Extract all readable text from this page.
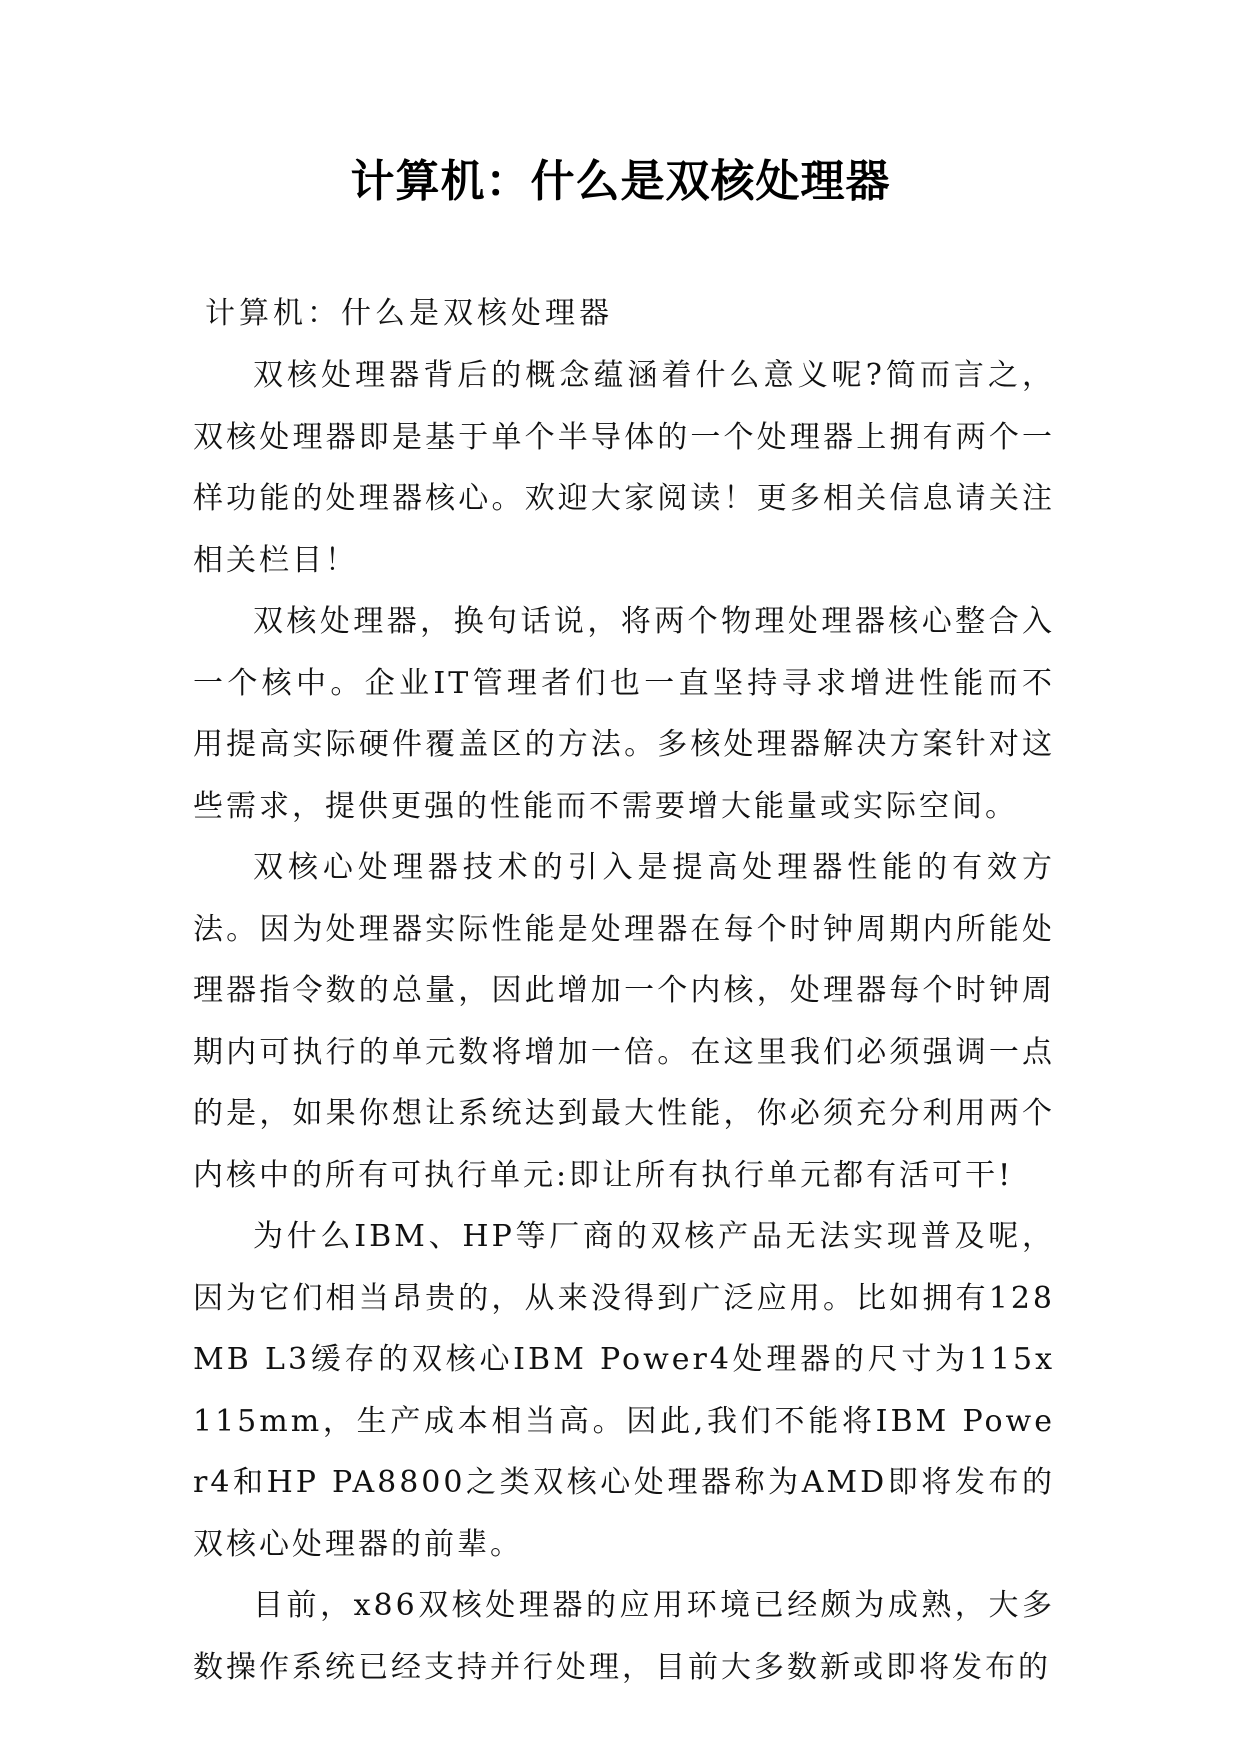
计算机：什么是双核处理器
计算机：什么是双核处理器

双核处理器背后的概念蕴涵着什么意义呢?简而言之，双核处理器即是基于单个半导体的一个处理器上拥有两个一样功能的处理器核心。欢迎大家阅读！更多相关信息请关注相关栏目！

双核处理器，换句话说，将两个物理处理器核心整合入一个核中。企业IT管理者们也一直坚持寻求增进性能而不用提高实际硬件覆盖区的方法。多核处理器解决方案针对这些需求，提供更强的性能而不需要增大能量或实际空间。

双核心处理器技术的引入是提高处理器性能的有效方法。因为处理器实际性能是处理器在每个时钟周期内所能处理器指令数的总量，因此增加一个内核，处理器每个时钟周期内可执行的单元数将增加一倍。在这里我们必须强调一点的是，如果你想让系统达到最大性能，你必须充分利用两个内核中的所有可执行单元:即让所有执行单元都有活可干!

为什么IBM、HP等厂商的双核产品无法实现普及呢，因为它们相当昂贵的，从来没得到广泛应用。比如拥有128MB L3缓存的双核心IBM Power4处理器的尺寸为115x115mm，生产成本相当高。因此,我们不能将IBM Power4和HP PA8800之类双核心处理器称为AMD即将发布的双核心处理器的前辈。

目前，x86双核处理器的应用环境已经颇为成熟，大多数操作系统已经支持并行处理，目前大多数新或即将发布的
